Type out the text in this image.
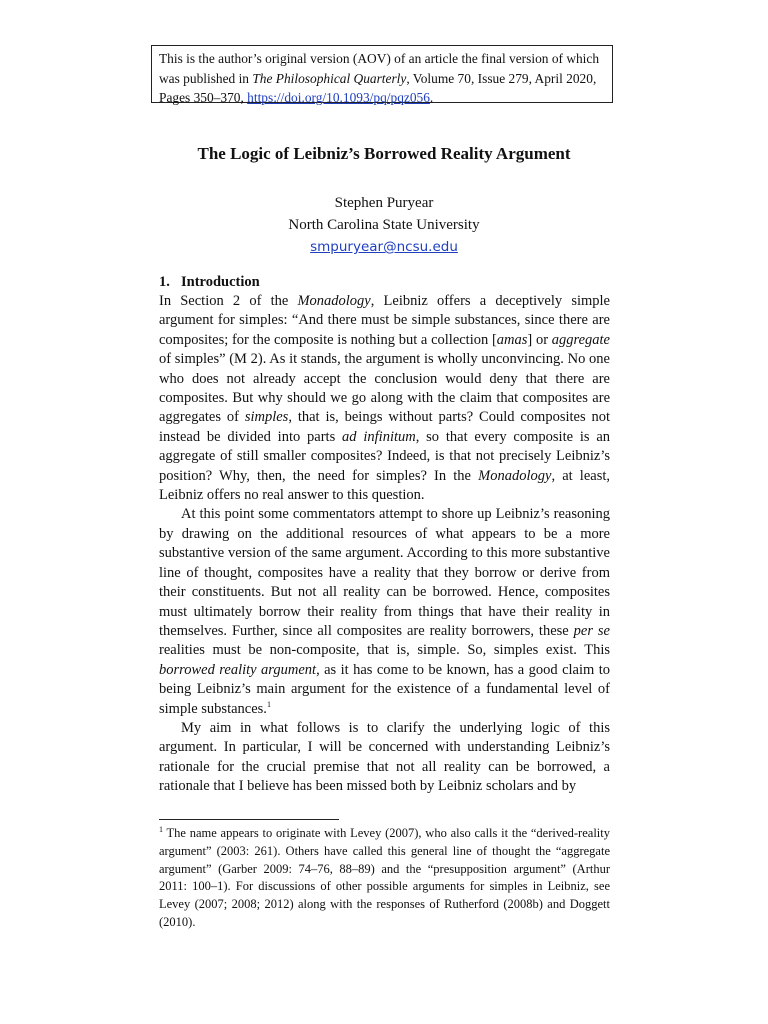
This is the author’s original version (AOV) of an article the final version of which was published in The Philosophical Quarterly, Volume 70, Issue 279, April 2020, Pages 350–370, https://doi.org/10.1093/pq/pqz056.
The Logic of Leibniz’s Borrowed Reality Argument
Stephen Puryear
North Carolina State University
smpuryear@ncsu.edu
1. Introduction

In Section 2 of the Monadology, Leibniz offers a deceptively simple argument for simples: “And there must be simple substances, since there are composites; for the composite is nothing but a collection [amas] or aggregate of simples” (M 2). As it stands, the argument is wholly unconvincing. No one who does not already accept the conclusion would deny that there are composites. But why should we go along with the claim that composites are aggregates of simples, that is, beings without parts? Could composites not instead be divided into parts ad infinitum, so that every composite is an aggregate of still smaller composites? Indeed, is that not precisely Leibniz’s position? Why, then, the need for simples? In the Monadology, at least, Leibniz offers no real answer to this question.

At this point some commentators attempt to shore up Leibniz’s reasoning by drawing on the additional resources of what appears to be a more substantive version of the same argument. According to this more substantive line of thought, composites have a reality that they borrow or derive from their constituents. But not all reality can be borrowed. Hence, composites must ultimately borrow their reality from things that have their reality in themselves. Further, since all composites are reality borrowers, these per se realities must be non-composite, that is, simple. So, simples exist. This borrowed reality argument, as it has come to be known, has a good claim to being Leibniz’s main argument for the existence of a fundamental level of simple substances.$^1$

My aim in what follows is to clarify the underlying logic of this argument. In particular, I will be concerned with understanding Leibniz’s rationale for the crucial premise that not all reality can be borrowed, a rationale that I believe has been missed both by Leibniz scholars and by

$^1$ The name appears to originate with Levey (2007), who also calls it the “derived-reality argument” (2003: 261). Others have called this general line of thought the “aggregate argument” (Garber 2009: 74–76, 88–89) and the “presupposition argument” (Arthur 2011: 100–1). For discussions of other possible arguments for simples in Leibniz, see Levey (2007; 2008; 2012) along with the responses of Rutherford (2008b) and Doggett (2010).
